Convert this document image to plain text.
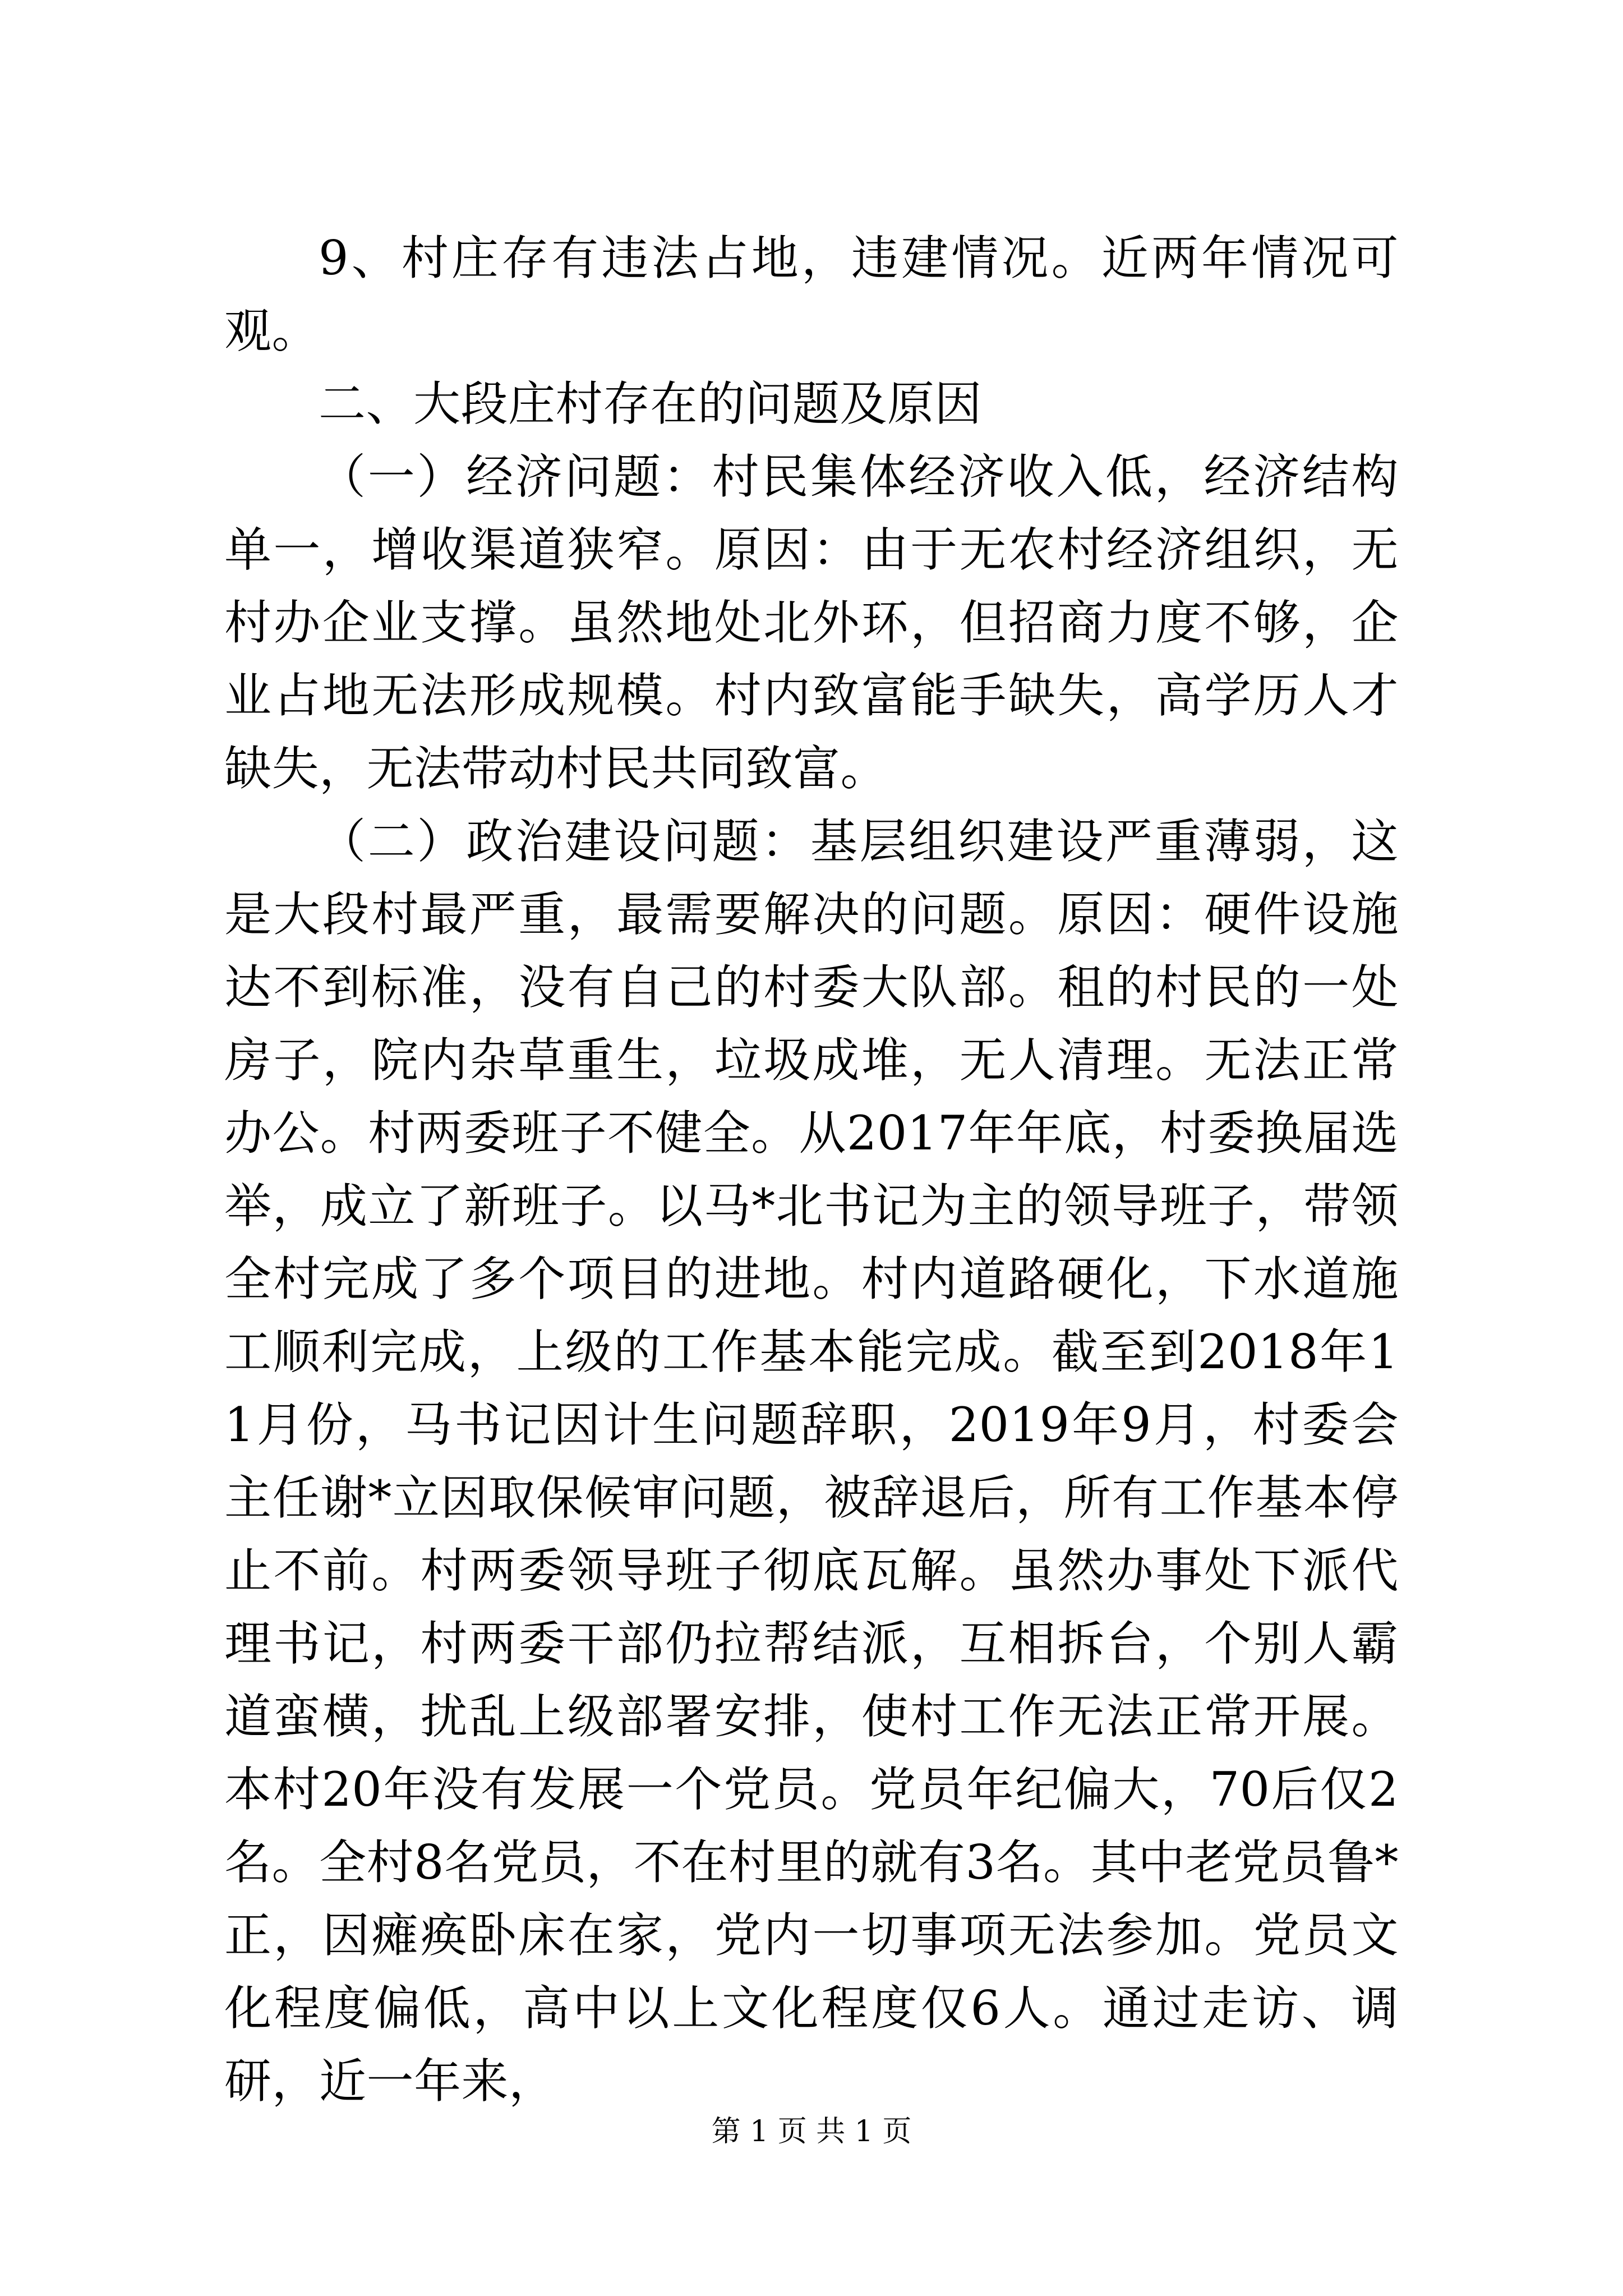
9、村庄存有违法占地，违建情况。近两年情况可观。

二、大段庄村存在的问题及原因

（一）经济问题：村民集体经济收入低，经济结构单一，增收渠道狭窄。原因：由于无农村经济组织，无村办企业支撑。虽然地处北外环，但招商力度不够，企业占地无法形成规模。村内致富能手缺失，高学历人才缺失，无法带动村民共同致富。

（二）政治建设问题：基层组织建设严重薄弱，这是大段村最严重，最需要解决的问题。原因：硬件设施达不到标准，没有自己的村委大队部。租的村民的一处房子，院内杂草重生，垃圾成堆，无人清理。无法正常办公。村两委班子不健全。从2017年年底，村委换届选举，成立了新班子。以马*北书记为主的领导班子，带领全村完成了多个项目的进地。村内道路硬化，下水道施工顺利完成，上级的工作基本能完成。截至到2018年11月份，马书记因计生问题辞职，2019年9月，村委会主任谢*立因取保候审问题，被辞退后，所有工作基本停止不前。村两委领导班子彻底瓦解。虽然办事处下派代理书记，村两委干部仍拉帮结派，互相拆台，个别人霸道蛮横，扰乱上级部署安排，使村工作无法正常开展。本村20年没有发展一个党员。党员年纪偏大，70后仅2名。全村8名党员，不在村里的就有3名。其中老党员鲁*正，因瘫痪卧床在家，党内一切事项无法参加。党员文化程度偏低，高中以上文化程度仅6人。通过走访、调研，近一年来，

第 1 页 共 1 页
